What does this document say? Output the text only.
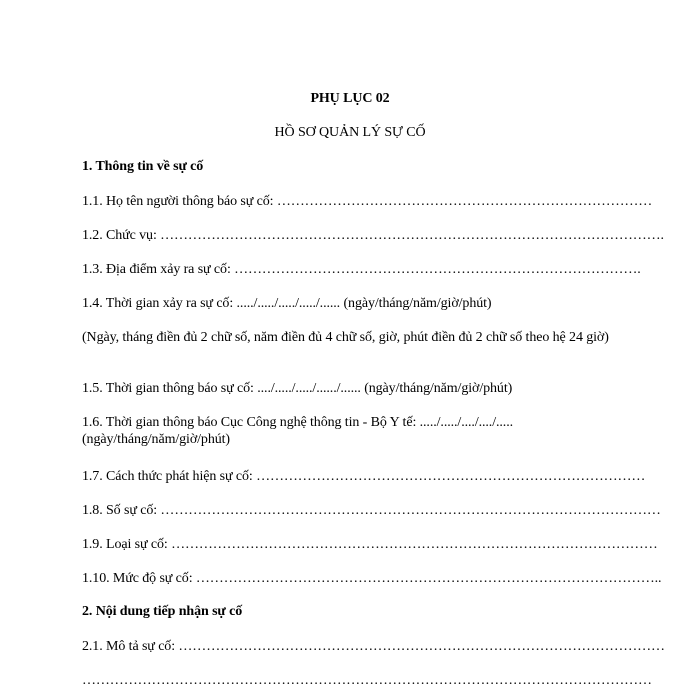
PHỤ LỤC 02
HỒ SƠ QUẢN LÝ SỰ CỐ
1. Thông tin về sự cố
1.1. Họ tên người thông báo sự cố: ………………………………………………………………………
1.2. Chức vụ: ……………………………………………………………………………………………….
1.3. Địa điểm xảy ra sự cố: …………………………………………………………………………….
1.4. Thời gian xảy ra sự cố: ...../...../...../...../...... (ngày/tháng/năm/giờ/phút)
(Ngày, tháng điền đủ 2 chữ số, năm điền đủ 4 chữ số, giờ, phút điền đủ 2 chữ số theo hệ 24 giờ)
1.5. Thời gian thông báo sự cố: ..../...../...../....../...... (ngày/tháng/năm/giờ/phút)
1.6. Thời gian thông báo Cục Công nghệ thông tin - Bộ Y tế: ...../...../..../..../..... (ngày/tháng/năm/giờ/phút)
1.7. Cách thức phát hiện sự cố: …………………………………………………………………………
1.8. Số sự cố: ………………………………………………………………………………………………
1.9. Loại sự cố: ……………………………………………………………………………………………
1.10. Mức độ sự cố: ………………………………………………………………………………………..
2. Nội dung tiếp nhận sự cố
2.1. Mô tả sự cố: ……………………………………………………………………………………………
……………………………………………………………………………………………………………
